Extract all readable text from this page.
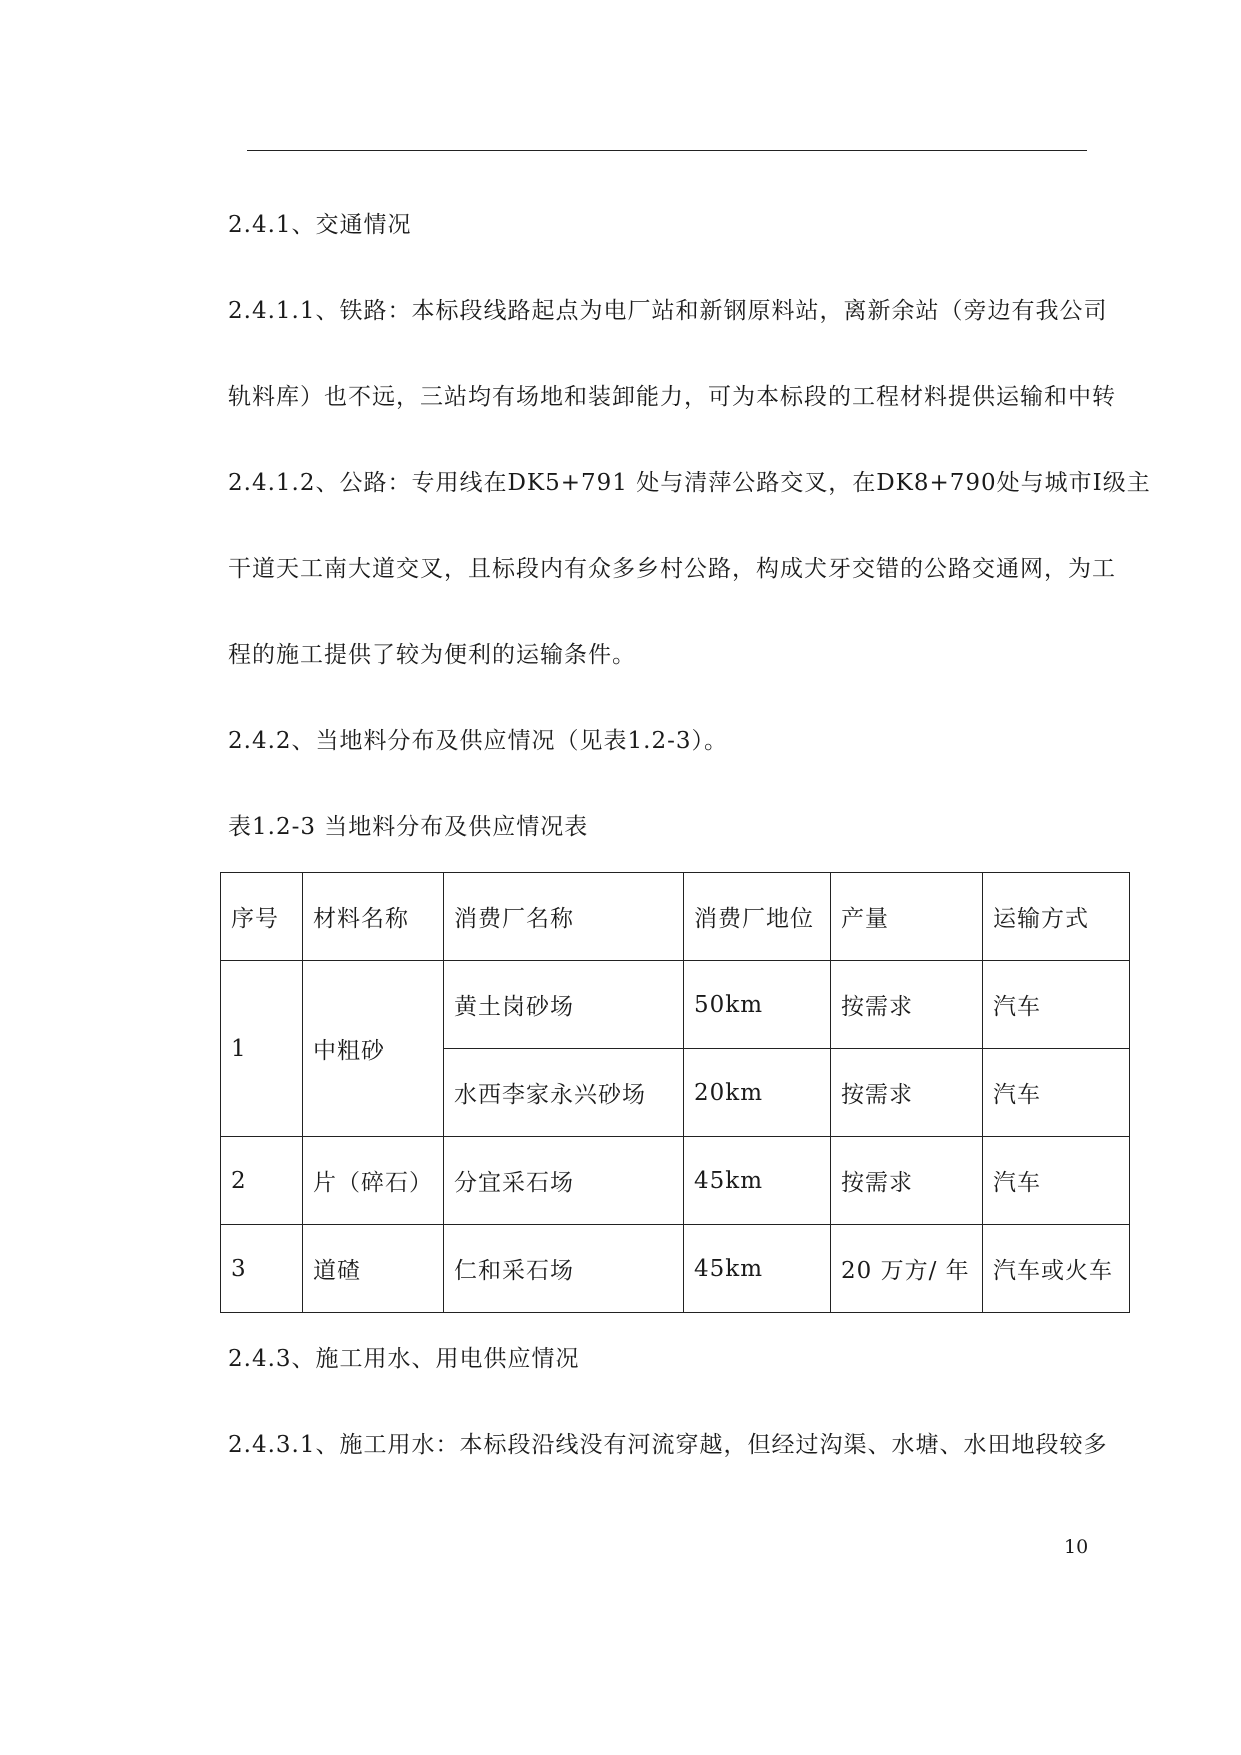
2.4.1、交通情况
2.4.1.1、铁路：本标段线路起点为电厂站和新钢原料站，离新余站（旁边有我公司
轨料库）也不远，三站均有场地和装卸能力，可为本标段的工程材料提供运输和中转
2.4.1.2、公路：专用线在DK5+791 处与清萍公路交叉，在DK8+790处与城市Ⅰ级主
干道天工南大道交叉，且标段内有众多乡村公路，构成犬牙交错的公路交通网，为工
程的施工提供了较为便利的运输条件。
2.4.2、当地料分布及供应情况（见表1.2-3）。
表1.2-3 当地料分布及供应情况表
序号	材料名称	消费厂名称	消费厂地位	产量	运输方式
1	中粗砂	黄土岗砂场	50km	按需求	汽车
		水西李家永兴砂场	20km	按需求	汽车
2	片（碎石）	分宜采石场	45km	按需求	汽车
3	道碴	仁和采石场	45km	20 万方/ 年	汽车或火车
2.4.3、施工用水、用电供应情况
2.4.3.1、施工用水：本标段沿线没有河流穿越，但经过沟渠、水塘、水田地段较多
10
